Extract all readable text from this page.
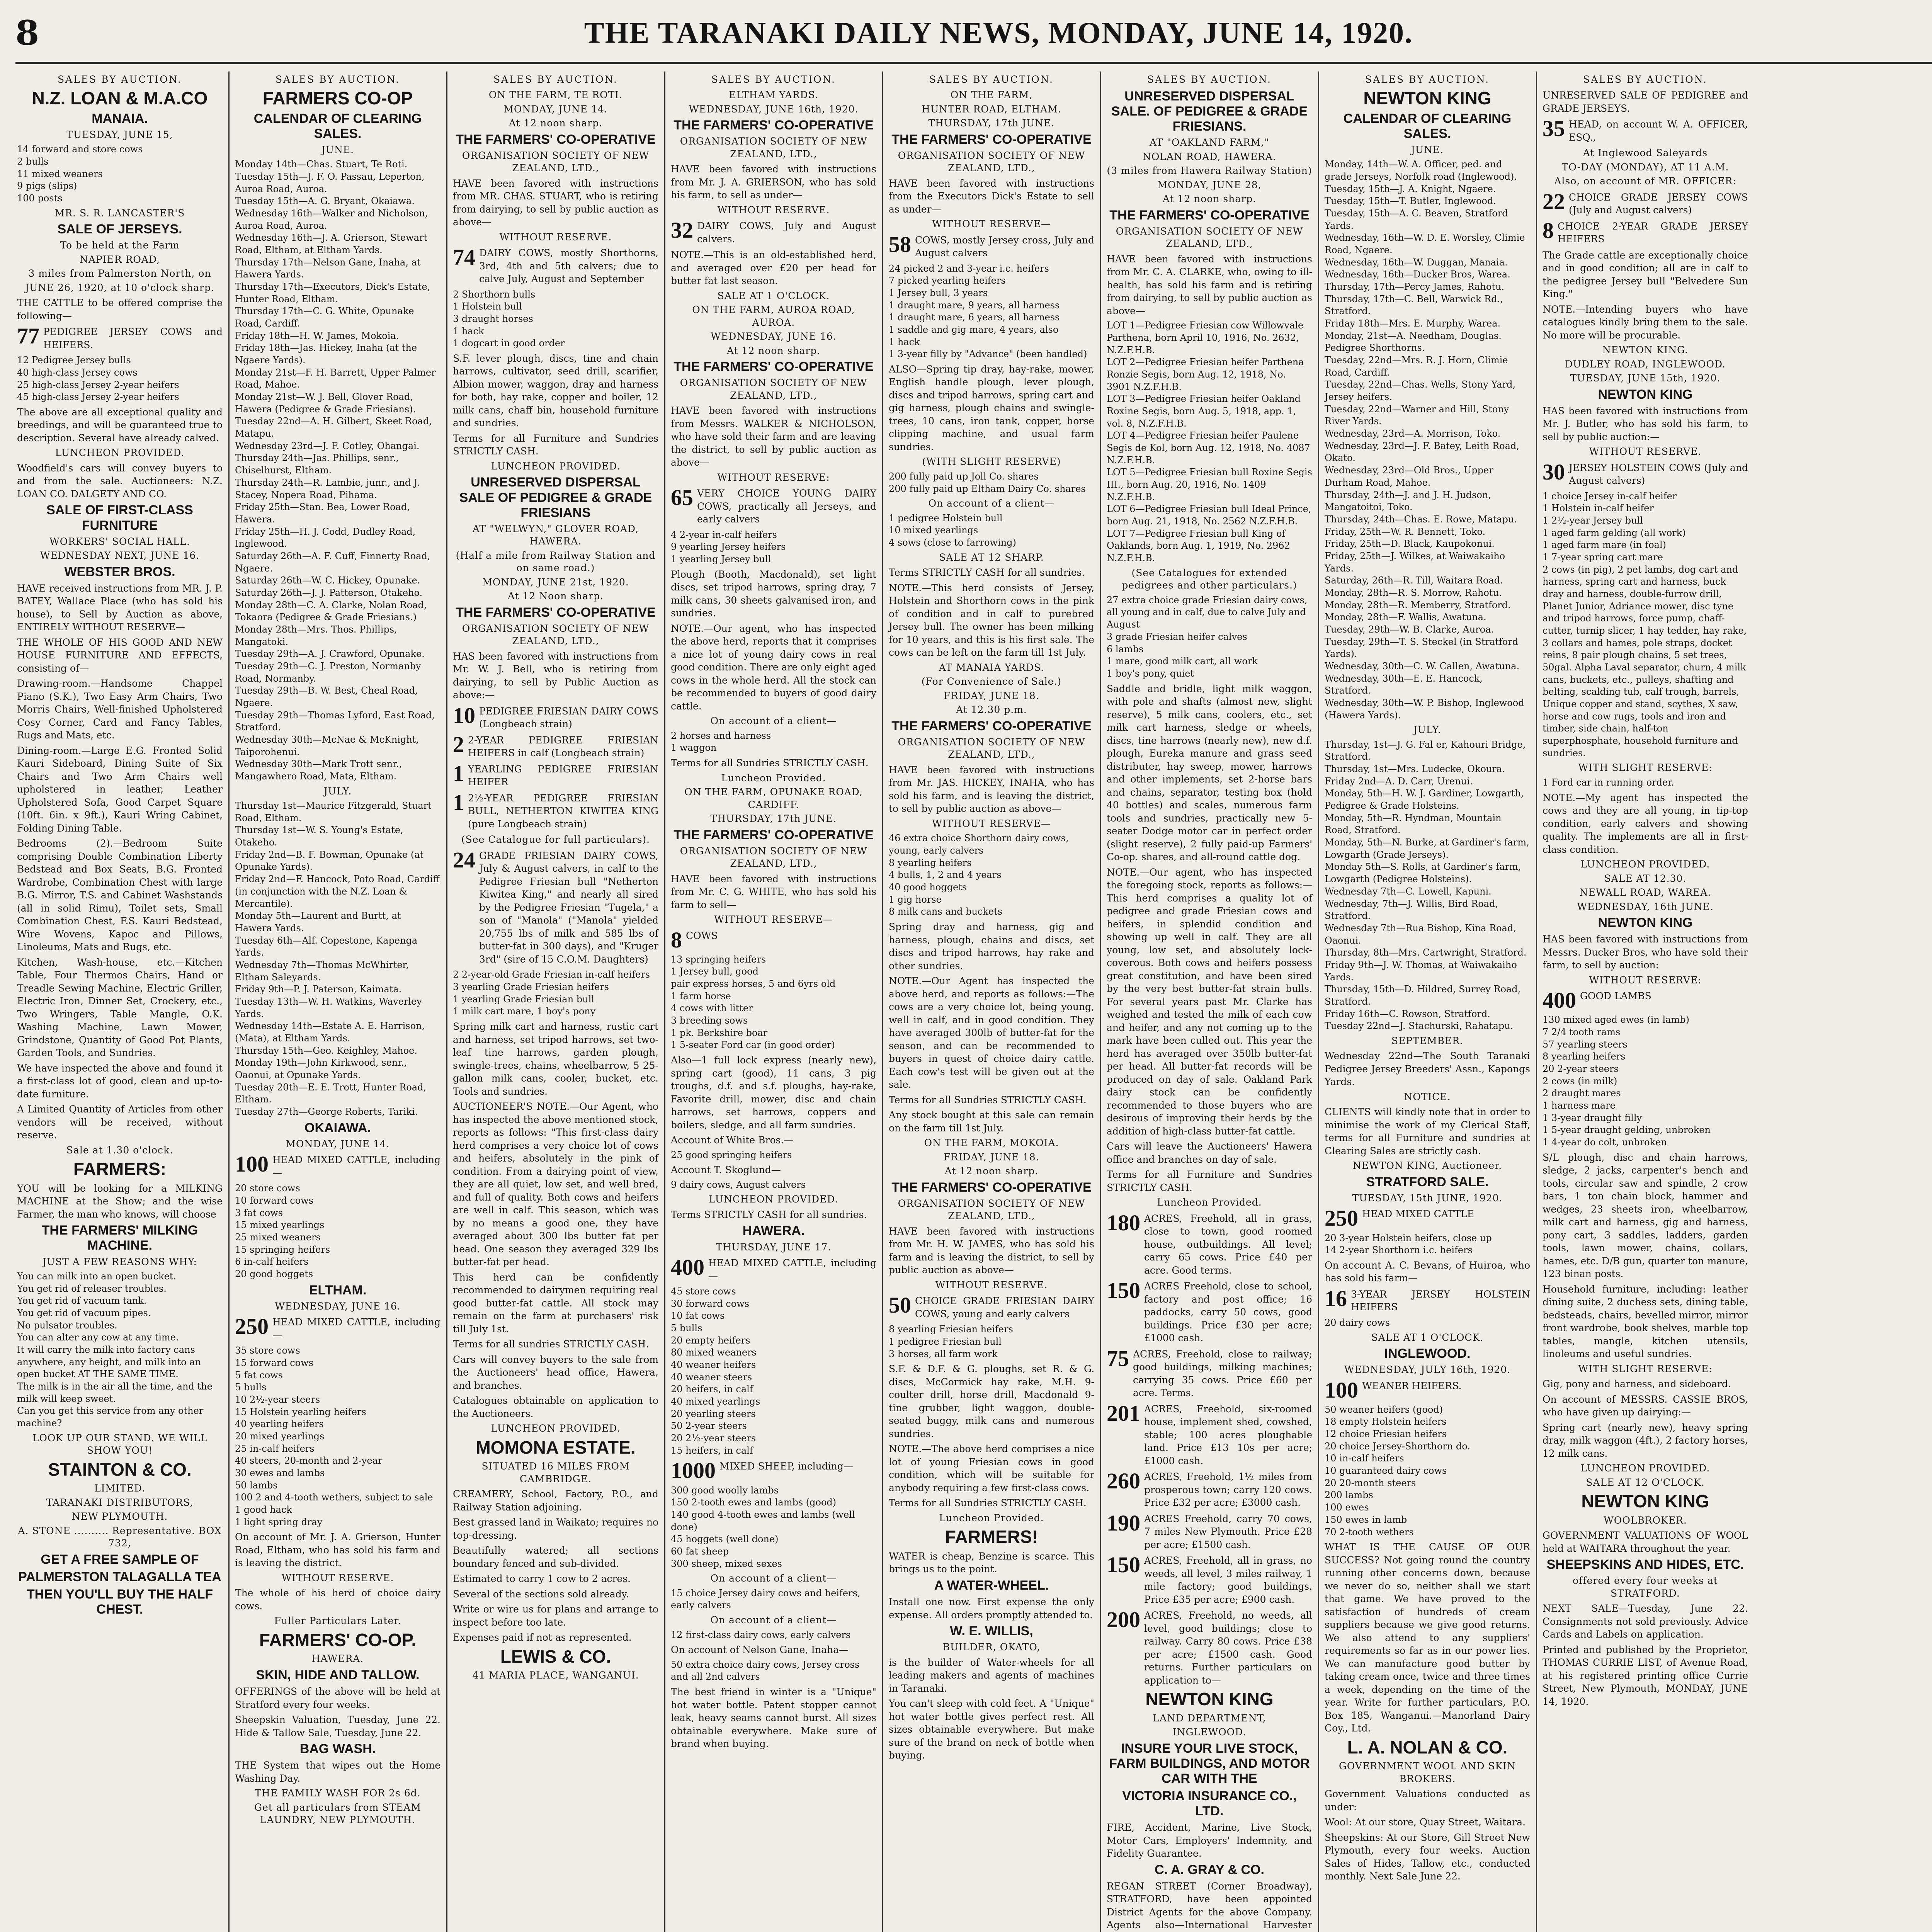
8	THE TARANAKI DAILY NEWS, MONDAY, JUNE 14, 1920.
SALES BY AUCTION.
N.Z. LOAN & M.A.CO
MANAIA.
TUESDAY, JUNE 15,
14 forward and store cows
2 bulls
11 mixed weaners
9 pigs (slips)
100 posts
MR. S. R. LANCASTER'S
SALE OF JERSEYS.
To be held at the Farm
NAPIER ROAD,
3 miles from Palmerston North, on
JUNE 26, 1920, at 10 o'clock sharp.
THE CATTLE to be offered comprise the following—
77 PEDIGREE JERSEY COWS and HEIFERS.
12 Pedigree Jersey bulls
40 high-class Jersey cows
25 high-class Jersey 2-year heifers
45 high-class Jersey 2-year heifers
The above are all exceptional quality and breedings, and will be guaranteed true to description. Several have already calved.
LUNCHEON PROVIDED.
Woodfield's cars will convey buyers to and from the sale. Auctioneers: N.Z. LOAN CO. DALGETY AND CO.
SALE OF FIRST-CLASS FURNITURE
WORKERS' SOCIAL HALL.
WEDNESDAY NEXT, JUNE 16.
WEBSTER BROS.
HAVE received instructions from MR. J. P. BATEY, Wallace Place (who has sold his house), to Sell by Auction as above, ENTIRELY WITHOUT RESERVE—
THE WHOLE OF HIS GOOD AND NEW HOUSE FURNITURE AND EFFECTS, consisting of—
Drawing-room.—Handsome Chappel Piano (S.K.), Two Easy Arm Chairs, Two Morris Chairs, Well-finished Upholstered Cosy Corner, Card and Fancy Tables, Rugs and Mats, etc.
Dining-room.—Large E.G. Fronted Solid Kauri Sideboard, Dining Suite of Six Chairs and Two Arm Chairs well upholstered in leather, Leather Upholstered Sofa, Good Carpet Square (10ft. 6in. x 9ft.), Kauri Wring Cabinet, Folding Dining Table.
Bedrooms (2).—Bedroom Suite comprising Double Combination Liberty Bedstead and Box Seats, B.G. Fronted Wardrobe, Combination Chest with large B.G. Mirror, T.S. and Cabinet Washstands (all in solid Rimu), Toilet sets, Small Combination Chest, F.S. Kauri Bedstead, Wire Wovens, Kapoc and Pillows, Linoleums, Mats and Rugs, etc.
Kitchen, Wash-house, etc.—Kitchen Table, Four Thermos Chairs, Hand or Treadle Sewing Machine, Electric Griller, Electric Iron, Dinner Set, Crockery, etc., Two Wringers, Table Mangle, O.K. Washing Machine, Lawn Mower, Grindstone, Quantity of Good Pot Plants, Garden Tools, and Sundries.
We have inspected the above and found it a first-class lot of good, clean and up-to-date furniture.
A Limited Quantity of Articles from other vendors will be received, without reserve.
Sale at 1.30 o'clock.
FARMERS:
YOU will be looking for a MILKING MACHINE at the Show; and the wise Farmer, the man who knows, will choose
THE FARMERS' MILKING MACHINE.
JUST A FEW REASONS WHY:
You can milk into an open bucket.
You get rid of releaser troubles.
You get rid of vacuum tank.
You get rid of vacuum pipes.
No pulsator troubles.
You can alter any cow at any time.
It will carry the milk into factory cans anywhere, any height, and milk into an open bucket AT THE SAME TIME.
The milk is in the air all the time, and the milk will keep sweet.
Can you get this service from any other machine?
LOOK UP OUR STAND. WE WILL SHOW YOU!
STAINTON & CO.
LIMITED.
TARANAKI DISTRIBUTORS,
NEW PLYMOUTH.
A. STONE .......... Representative. BOX 732,
GET A FREE SAMPLE OF
PALMERSTON TALAGALLA TEA
THEN YOU'LL BUY THE HALF CHEST.
SALES BY AUCTION.
FARMERS CO-OP
CALENDAR OF CLEARING SALES.
JUNE.
Monday 14th—Chas. Stuart, Te Roti.
Tuesday 15th—J. F. O. Passau, Leperton, Auroa Road, Auroa.
Tuesday 15th—A. G. Bryant, Okaiawa.
Wednesday 16th—Walker and Nicholson, Auroa Road, Auroa.
Wednesday 16th—J. A. Grierson, Stewart Road, Eltham, at Eltham Yards.
Thursday 17th—Nelson Gane, Inaha, at Hawera Yards.
Thursday 17th—Executors, Dick's Estate, Hunter Road, Eltham.
Thursday 17th—C. G. White, Opunake Road, Cardiff.
Friday 18th—H. W. James, Mokoia.
Friday 18th—Jas. Hickey, Inaha (at the Ngaere Yards).
Monday 21st—F. H. Barrett, Upper Palmer Road, Mahoe.
Monday 21st—W. J. Bell, Glover Road, Hawera (Pedigree & Grade Friesians).
Tuesday 22nd—A. H. Gilbert, Skeet Road, Matapu.
Wednesday 23rd—J. F. Cotley, Ohangai.
Thursday 24th—Jas. Phillips, senr., Chiselhurst, Eltham.
Thursday 24th—R. Lambie, junr., and J. Stacey, Nopera Road, Pihama.
Friday 25th—Stan. Bea, Lower Road, Hawera.
Friday 25th—H. J. Codd, Dudley Road, Inglewood.
Saturday 26th—A. F. Cuff, Finnerty Road, Ngaere.
Saturday 26th—W. C. Hickey, Opunake.
Saturday 26th—J. J. Patterson, Otakeho.
Monday 28th—C. A. Clarke, Nolan Road, Tokaora (Pedigree & Grade Friesians.)
Monday 28th—Mrs. Thos. Phillips, Mangatoki.
Tuesday 29th—A. J. Crawford, Opunake.
Tuesday 29th—C. J. Preston, Normanby Road, Normanby.
Tuesday 29th—B. W. Best, Cheal Road, Ngaere.
Tuesday 29th—Thomas Lyford, East Road, Stratford.
Wednesday 30th—McNae & McKnight, Taiporohenui.
Wednesday 30th—Mark Trott senr., Mangawhero Road, Mata, Eltham.
JULY.
Thursday 1st—Maurice Fitzgerald, Stuart Road, Eltham.
Thursday 1st—W. S. Young's Estate, Otakeho.
Friday 2nd—B. F. Bowman, Opunake (at Opunake Yards).
Friday 2nd—F. Hancock, Poto Road, Cardiff (in conjunction with the N.Z. Loan & Mercantile).
Monday 5th—Laurent and Burtt, at Hawera Yards.
Tuesday 6th—Alf. Copestone, Kapenga Yards.
Wednesday 7th—Thomas McWhirter, Eltham Saleyards.
Friday 9th—P. J. Paterson, Kaimata.
Tuesday 13th—W. H. Watkins, Waverley Yards.
Wednesday 14th—Estate A. E. Harrison, (Mata), at Eltham Yards.
Thursday 15th—Geo. Keighley, Mahoe.
Monday 19th—John Kirkwood, senr., Oaonui, at Opunake Yards.
Tuesday 20th—E. E. Trott, Hunter Road, Eltham.
Tuesday 27th—George Roberts, Tariki.
OKAIAWA.
MONDAY, JUNE 14.
100 HEAD MIXED CATTLE, including—
20 store cows
10 forward cows
3 fat cows
15 mixed yearlings
25 mixed weaners
15 springing heifers
6 in-calf heifers
20 good hoggets
ELTHAM.
WEDNESDAY, JUNE 16.
250 HEAD MIXED CATTLE, including—
35 store cows
15 forward cows
5 fat cows
5 bulls
10 2½-year steers
15 Holstein yearling heifers
40 yearling heifers
20 mixed yearlings
25 in-calf heifers
40 steers, 20-month and 2-year
30 ewes and lambs
50 lambs
100 2 and 4-tooth wethers, subject to sale
1 good hack
1 light spring dray
On account of Mr. J. A. Grierson, Hunter Road, Eltham, who has sold his farm and is leaving the district.
WITHOUT RESERVE.
The whole of his herd of choice dairy cows.
Fuller Particulars Later.
FARMERS' CO-OP.
HAWERA.
SKIN, HIDE AND TALLOW.
OFFERINGS of the above will be held at Stratford every four weeks.
Sheepskin Valuation, Tuesday, June 22. Hide & Tallow Sale, Tuesday, June 22.
BAG WASH.
THE System that wipes out the Home Washing Day.
THE FAMILY WASH FOR 2s 6d.
Get all particulars from STEAM LAUNDRY, NEW PLYMOUTH.
SALES BY AUCTION.
ON THE FARM, TE ROTI.
MONDAY, JUNE 14.
At 12 noon sharp.
THE FARMERS' CO-OPERATIVE
ORGANISATION SOCIETY OF NEW ZEALAND, LTD.,
HAVE been favored with instructions from MR. CHAS. STUART, who is retiring from dairying, to sell by public auction as above—
WITHOUT RESERVE.
74 DAIRY COWS, mostly Shorthorns, 3rd, 4th and 5th calvers; due to calve July, August and September
2 Shorthorn bulls
1 Holstein bull
3 draught horses
1 hack
1 dogcart in good order
S.F. lever plough, discs, tine and chain harrows, cultivator, seed drill, scarifier, Albion mower, waggon, dray and harness for both, hay rake, copper and boiler, 12 milk cans, chaff bin, household furniture and sundries.
Terms for all Furniture and Sundries STRICTLY CASH.
LUNCHEON PROVIDED.
UNRESERVED DISPERSAL SALE OF PEDIGREE & GRADE FRIESIANS
AT "WELWYN," GLOVER ROAD, HAWERA.
(Half a mile from Railway Station and on same road.)
MONDAY, JUNE 21st, 1920.
At 12 Noon sharp.
THE FARMERS' CO-OPERATIVE
ORGANISATION SOCIETY OF NEW ZEALAND, LTD.,
HAS been favored with instructions from Mr. W. J. Bell, who is retiring from dairying, to sell by Public Auction as above:—
10 PEDIGREE FRIESIAN DAIRY COWS (Longbeach strain)
2 2-YEAR PEDIGREE FRIESIAN HEIFERS in calf (Longbeach strain)
1 YEARLING PEDIGREE FRIESIAN HEIFER
1 2½-YEAR PEDIGREE FRIESIAN BULL, NETHERTON KIWITEA KING (pure Longbeach strain)
(See Catalogue for full particulars).
24 GRADE FRIESIAN DAIRY COWS, July & August calvers, in calf to the Pedigree Friesian bull "Netherton Kiwitea King," and nearly all sired by the Pedigree Friesian "Tugela," a son of "Manola" ("Manola" yielded 20,755 lbs of milk and 585 lbs of butter-fat in 300 days), and "Kruger 3rd" (sire of 15 C.O.M. Daughters)
2 2-year-old Grade Friesian in-calf heifers
3 yearling Grade Friesian heifers
1 yearling Grade Friesian bull
1 milk cart mare, 1 boy's pony
Spring milk cart and harness, rustic cart and harness, set tripod harrows, set two-leaf tine harrows, garden plough, swingle-trees, chains, wheelbarrow, 5 25-gallon milk cans, cooler, bucket, etc. Tools and sundries.
AUCTIONEER'S NOTE.—Our Agent, who has inspected the above mentioned stock, reports as follows: "This first-class dairy herd comprises a very choice lot of cows and heifers, absolutely in the pink of condition. From a dairying point of view, they are all quiet, low set, and well bred, and full of quality. Both cows and heifers are well in calf. This season, which was by no means a good one, they have averaged about 300 lbs butter fat per head. One season they averaged 329 lbs butter-fat per head.
This herd can be confidently recommended to dairymen requiring real good butter-fat cattle. All stock may remain on the farm at purchasers' risk till July 1st.
Terms for all sundries STRICTLY CASH.
Cars will convey buyers to the sale from the Auctioneers' head office, Hawera, and branches.
Catalogues obtainable on application to the Auctioneers.
LUNCHEON PROVIDED.
MOMONA ESTATE.
SITUATED 16 MILES FROM CAMBRIDGE.
CREAMERY, School, Factory, P.O., and Railway Station adjoining.
Best grassed land in Waikato; requires no top-dressing.
Beautifully watered; all sections boundary fenced and sub-divided.
Estimated to carry 1 cow to 2 acres.
Several of the sections sold already.
Write or wire us for plans and arrange to inspect before too late.
Expenses paid if not as represented.
LEWIS & CO.
41 MARIA PLACE, WANGANUI.
SALES BY AUCTION.
ELTHAM YARDS.
WEDNESDAY, JUNE 16th, 1920.
THE FARMERS' CO-OPERATIVE
ORGANISATION SOCIETY OF NEW ZEALAND, LTD.,
HAVE been favored with instructions from Mr. J. A. GRIERSON, who has sold his farm, to sell as under—
WITHOUT RESERVE.
32 DAIRY COWS, July and August calvers.
NOTE.—This is an old-established herd, and averaged over £20 per head for butter fat last season.
SALE AT 1 O'CLOCK.
ON THE FARM, AUROA ROAD, AUROA.
WEDNESDAY, JUNE 16.
At 12 noon sharp.
THE FARMERS' CO-OPERATIVE
ORGANISATION SOCIETY OF NEW ZEALAND, LTD.,
HAVE been favored with instructions from Messrs. WALKER & NICHOLSON, who have sold their farm and are leaving the district, to sell by public auction as above—
WITHOUT RESERVE:
65 VERY CHOICE YOUNG DAIRY COWS, practically all Jerseys, and early calvers
4 2-year in-calf heifers
9 yearling Jersey heifers
1 yearling Jersey bull
Plough (Booth, Macdonald), set light discs, set tripod harrows, spring dray, 7 milk cans, 30 sheets galvanised iron, and sundries.
NOTE.—Our agent, who has inspected the above herd, reports that it comprises a nice lot of young dairy cows in real good condition. There are only eight aged cows in the whole herd. All the stock can be recommended to buyers of good dairy cattle.
On account of a client—
2 horses and harness
1 waggon
Terms for all Sundries STRICTLY CASH.
Luncheon Provided.
ON THE FARM, OPUNAKE ROAD, CARDIFF.
THURSDAY, 17th JUNE.
THE FARMERS' CO-OPERATIVE
ORGANISATION SOCIETY OF NEW ZEALAND, LTD.,
HAVE been favored with instructions from Mr. C. G. WHITE, who has sold his farm to sell—
WITHOUT RESERVE—
8 COWS
13 springing heifers
1 Jersey bull, good
pair express horses, 5 and 6yrs old
1 farm horse
4 cows with litter
3 breeding sows
1 pk. Berkshire boar
1 5-seater Ford car (in good order)
Also—1 full lock express (nearly new), spring cart (good), 11 cans, 3 pig troughs, d.f. and s.f. ploughs, hay-rake, Favorite drill, mower, disc and chain harrows, set harrows, coppers and boilers, sledge, and all farm sundries.
Account of White Bros.—
25 good springing heifers
Account T. Skoglund—
9 dairy cows, August calvers
LUNCHEON PROVIDED.
Terms STRICTLY CASH for all sundries.
HAWERA.
THURSDAY, JUNE 17.
400 HEAD MIXED CATTLE, including—
45 store cows
30 forward cows
10 fat cows
5 bulls
20 empty heifers
80 mixed weaners
40 weaner heifers
40 weaner steers
20 heifers, in calf
40 mixed yearlings
20 yearling steers
50 2-year steers
20 2½-year steers
15 heifers, in calf
1000 MIXED SHEEP, including—
300 good woolly lambs
150 2-tooth ewes and lambs (good)
140 good 4-tooth ewes and lambs (well done)
45 hoggets (well done)
60 fat sheep
300 sheep, mixed sexes
On account of a client—
15 choice Jersey dairy cows and heifers, early calvers
On account of a client—
12 first-class dairy cows, early calvers
On account of Nelson Gane, Inaha—
50 extra choice dairy cows, Jersey cross and all 2nd calvers
The best friend in winter is a "Unique" hot water bottle. Patent stopper cannot leak, heavy seams cannot burst. All sizes obtainable everywhere. Make sure of brand when buying.
SALES BY AUCTION.
ON THE FARM,
HUNTER ROAD, ELTHAM.
THURSDAY, 17th JUNE.
THE FARMERS' CO-OPERATIVE
ORGANISATION SOCIETY OF NEW ZEALAND, LTD.,
HAVE been favored with instructions from the Executors Dick's Estate to sell as under—
WITHOUT RESERVE—
58 COWS, mostly Jersey cross, July and August calvers
24 picked 2 and 3-year i.c. heifers
7 picked yearling heifers
1 Jersey bull, 3 years
1 draught mare, 9 years, all harness
1 draught mare, 6 years, all harness
1 saddle and gig mare, 4 years, also
1 hack
1 3-year filly by "Advance" (been handled)
ALSO—Spring tip dray, hay-rake, mower, English handle plough, lever plough, discs and tripod harrows, spring cart and gig harness, plough chains and swingle-trees, 10 cans, iron tank, copper, horse clipping machine, and usual farm sundries.
(WITH SLIGHT RESERVE)
200 fully paid up Joll Co. shares
200 fully paid up Eltham Dairy Co. shares
On account of a client—
1 pedigree Holstein bull
10 mixed yearlings
4 sows (close to farrowing)
SALE AT 12 SHARP.
Terms STRICTLY CASH for all sundries.
NOTE.—This herd consists of Jersey, Holstein and Shorthorn cows in the pink of condition and in calf to purebred Jersey bull. The owner has been milking for 10 years, and this is his first sale. The cows can be left on the farm till 1st July.
AT MANAIA YARDS.
(For Convenience of Sale.)
FRIDAY, JUNE 18.
At 12.30 p.m.
THE FARMERS' CO-OPERATIVE
ORGANISATION SOCIETY OF NEW ZEALAND, LTD.,
HAVE been favored with instructions from Mr. JAS. HICKEY, INAHA, who has sold his farm, and is leaving the district, to sell by public auction as above—
WITHOUT RESERVE—
46 extra choice Shorthorn dairy cows, young, early calvers
8 yearling heifers
4 bulls, 1, 2 and 4 years
40 good hoggets
1 gig horse
8 milk cans and buckets
Spring dray and harness, gig and harness, plough, chains and discs, set discs and tripod harrows, hay rake and other sundries.
NOTE.—Our Agent has inspected the above herd, and reports as follows:—The cows are a very choice lot, being young, well in calf, and in good condition. They have averaged 300lb of butter-fat for the season, and can be recommended to buyers in quest of choice dairy cattle. Each cow's test will be given out at the sale.
Terms for all Sundries STRICTLY CASH.
Any stock bought at this sale can remain on the farm till 1st July.
ON THE FARM, MOKOIA.
FRIDAY, JUNE 18.
At 12 noon sharp.
THE FARMERS' CO-OPERATIVE
ORGANISATION SOCIETY OF NEW ZEALAND, LTD.,
HAVE been favored with instructions from Mr. H. W. JAMES, who has sold his farm and is leaving the district, to sell by public auction as above—
WITHOUT RESERVE.
50 CHOICE GRADE FRIESIAN DAIRY COWS, young and early calvers
8 yearling Friesian heifers
1 pedigree Friesian bull
3 horses, all farm work
S.F. & D.F. & G. ploughs, set R. & G. discs, McCormick hay rake, M.H. 9-coulter drill, horse drill, Macdonald 9-tine grubber, light waggon, double-seated buggy, milk cans and numerous sundries.
NOTE.—The above herd comprises a nice lot of young Friesian cows in good condition, which will be suitable for anybody requiring a few first-class cows.
Terms for all Sundries STRICTLY CASH.
Luncheon Provided.
FARMERS!
WATER is cheap, Benzine is scarce. This brings us to the point.
A WATER-WHEEL.
Install one now. First expense the only expense. All orders promptly attended to.
W. E. WILLIS,
BUILDER, OKATO,
is the builder of Water-wheels for all leading makers and agents of machines in Taranaki.
You can't sleep with cold feet. A "Unique" hot water bottle gives perfect rest. All sizes obtainable everywhere. But make sure of the brand on neck of bottle when buying.
SALES BY AUCTION.
UNRESERVED DISPERSAL SALE. OF PEDIGREE & GRADE FRIESIANS.
AT "OAKLAND FARM,"
NOLAN ROAD, HAWERA.
(3 miles from Hawera Railway Station)
MONDAY, JUNE 28,
At 12 noon sharp.
THE FARMERS' CO-OPERATIVE
ORGANISATION SOCIETY OF NEW ZEALAND, LTD.,
HAVE been favored with instructions from Mr. C. A. CLARKE, who, owing to ill-health, has sold his farm and is retiring from dairying, to sell by public auction as above—
LOT 1—Pedigree Friesian cow Willowvale Parthena, born April 10, 1916, No. 2632, N.Z.F.H.B.
LOT 2—Pedigree Friesian heifer Parthena Ronzie Segis, born Aug. 12, 1918, No. 3901 N.Z.F.H.B.
LOT 3—Pedigree Friesian heifer Oakland Roxine Segis, born Aug. 5, 1918, app. 1, vol. 8, N.Z.F.H.B.
LOT 4—Pedigree Friesian heifer Paulene Segis de Kol, born Aug. 12, 1918, No. 4087 N.Z.F.H.B.
LOT 5—Pedigree Friesian bull Roxine Segis III., born Aug. 20, 1916, No. 1409 N.Z.F.H.B.
LOT 6—Pedigree Friesian bull Ideal Prince, born Aug. 21, 1918, No. 2562 N.Z.F.H.B.
LOT 7—Pedigree Friesian bull King of Oaklands, born Aug. 1, 1919, No. 2962 N.Z.F.H.B.
(See Catalogues for extended pedigrees and other particulars.)
27 extra choice grade Friesian dairy cows, all young and in calf, due to calve July and August
3 grade Friesian heifer calves
6 lambs
1 mare, good milk cart, all work
1 boy's pony, quiet
Saddle and bridle, light milk waggon, with pole and shafts (almost new, slight reserve), 5 milk cans, coolers, etc., set milk cart harness, sledge or wheels, discs, tine harrows (nearly new), new d.f. plough, Eureka manure and grass seed distributer, hay sweep, mower, harrows and other implements, set 2-horse bars and chains, separator, testing box (hold 40 bottles) and scales, numerous farm tools and sundries, practically new 5-seater Dodge motor car in perfect order (slight reserve), 2 fully paid-up Farmers' Co-op. shares, and all-round cattle dog.
NOTE.—Our agent, who has inspected the foregoing stock, reports as follows:—This herd comprises a quality lot of pedigree and grade Friesian cows and heifers, in splendid condition and showing up well in calf. They are all young, low set, and absolutely lock-coverous. Both cows and heifers possess great constitution, and have been sired by the very best butter-fat strain bulls. For several years past Mr. Clarke has weighed and tested the milk of each cow and heifer, and any not coming up to the mark have been culled out. This year the herd has averaged over 350lb butter-fat per head. All butter-fat records will be produced on day of sale. Oakland Park dairy stock can be confidently recommended to those buyers who are desirous of improving their herds by the addition of high-class butter-fat cattle.
Cars will leave the Auctioneers' Hawera office and branches on day of sale.
Terms for all Furniture and Sundries STRICTLY CASH.
Luncheon Provided.
180 ACRES, Freehold, all in grass, close to town, good roomed house, outbuildings. All level; carry 65 cows. Price £40 per acre. Good terms.
150 ACRES Freehold, close to school, factory and post office; 16 paddocks, carry 50 cows, good buildings. Price £30 per acre; £1000 cash.
75 ACRES, Freehold, close to railway; good buildings, milking machines; carrying 35 cows. Price £60 per acre. Terms.
201 ACRES, Freehold, six-roomed house, implement shed, cowshed, stable; 100 acres ploughable land. Price £13 10s per acre; £1000 cash.
260 ACRES, Freehold, 1½ miles from prosperous town; carry 120 cows. Price £32 per acre; £3000 cash.
190 ACRES Freehold, carry 70 cows, 7 miles New Plymouth. Price £28 per acre; £1500 cash.
150 ACRES, Freehold, all in grass, no weeds, all level, 3 miles railway, 1 mile factory; good buildings. Price £35 per acre; £900 cash.
200 ACRES, Freehold, no weeds, all level, good buildings; close to railway. Carry 80 cows. Price £38 per acre; £1500 cash. Good returns. Further particulars on application to—
NEWTON KING
LAND DEPARTMENT,
INGLEWOOD.
INSURE YOUR LIVE STOCK, FARM BUILDINGS, AND MOTOR CAR WITH THE
VICTORIA INSURANCE CO., LTD.
FIRE, Accident, Marine, Live Stock, Motor Cars, Employers' Indemnity, and Fidelity Guarantee.
C. A. GRAY & CO.
REGAN STREET (Corner Broadway), STRATFORD, have been appointed District Agents for the above Company. Agents also—International Harvester
SALES BY AUCTION.
NEWTON KING
CALENDAR OF CLEARING SALES.
JUNE.
Monday, 14th—W. A. Officer, ped. and grade Jerseys, Norfolk road (Inglewood).
Tuesday, 15th—J. A. Knight, Ngaere.
Tuesday, 15th—T. Butler, Inglewood.
Tuesday, 15th—A. C. Beaven, Stratford Yards.
Wednesday, 16th—W. D. E. Worsley, Climie Road, Ngaere.
Wednesday, 16th—W. Duggan, Manaia.
Wednesday, 16th—Ducker Bros, Warea.
Thursday, 17th—Percy James, Rahotu.
Thursday, 17th—C. Bell, Warwick Rd., Stratford.
Friday 18th—Mrs. E. Murphy, Warea.
Monday, 21st—A. Needham, Douglas. Pedigree Shorthorns.
Tuesday, 22nd—Mrs. R. J. Horn, Climie Road, Cardiff.
Tuesday, 22nd—Chas. Wells, Stony Yard, Jersey heifers.
Tuesday, 22nd—Warner and Hill, Stony River Yards.
Wednesday, 23rd—A. Morrison, Toko.
Wednesday, 23rd—J. F. Batey, Leith Road, Okato.
Wednesday, 23rd—Old Bros., Upper Durham Road, Mahoe.
Thursday, 24th—J. and J. H. Judson, Mangatoitoi, Toko.
Thursday, 24th—Chas. E. Rowe, Matapu.
Friday, 25th—W. R. Bennett, Toko.
Friday, 25th—D. Black, Kaupokonui.
Friday, 25th—J. Wilkes, at Waiwakaiho Yards.
Saturday, 26th—R. Till, Waitara Road.
Monday, 28th—R. S. Morrow, Rahotu.
Monday, 28th—R. Memberry, Stratford.
Monday, 28th—F. Wallis, Awatuna.
Tuesday, 29th—W. B. Clarke, Auroa.
Tuesday, 29th—T. S. Steckel (in Stratford Yards).
Wednesday, 30th—C. W. Callen, Awatuna.
Wednesday, 30th—E. E. Hancock, Stratford.
Wednesday, 30th—W. P. Bishop, Inglewood (Hawera Yards).
JULY.
Thursday, 1st—J. G. Fal er, Kahouri Bridge, Stratford.
Thursday, 1st—Mrs. Ludecke, Okoura.
Friday 2nd—A. D. Carr, Urenui.
Monday, 5th—H. W. J. Gardiner, Lowgarth, Pedigree & Grade Holsteins.
Monday, 5th—R. Hyndman, Mountain Road, Stratford.
Monday, 5th—N. Burke, at Gardiner's farm, Lowgarth (Grade Jerseys).
Monday 5th—S. Rolls, at Gardiner's farm, Lowgarth (Pedigree Holsteins).
Wednesday 7th—C. Lowell, Kapuni.
Wednesday, 7th—J. Willis, Bird Road, Stratford.
Wednesday 7th—Rua Bishop, Kina Road, Oaonui.
Thursday, 8th—Mrs. Cartwright, Stratford.
Friday 9th—J. W. Thomas, at Waiwakaiho Yards.
Thursday, 15th—D. Hildred, Surrey Road, Stratford.
Friday 16th—C. Rowson, Stratford.
Tuesday 22nd—J. Stachurski, Rahatapu.
SEPTEMBER.
Wednesday 22nd—The South Taranaki Pedigree Jersey Breeders' Assn., Kapongs Yards.
NOTICE.
CLIENTS will kindly note that in order to minimise the work of my Clerical Staff, terms for all Furniture and sundries at Clearing Sales are strictly cash.
NEWTON KING, Auctioneer.
STRATFORD SALE.
TUESDAY, 15th JUNE, 1920.
250 HEAD MIXED CATTLE
20 3-year Holstein heifers, close up
14 2-year Shorthorn i.c. heifers
On account A. C. Bevans, of Huiroa, who has sold his farm—
16 3-YEAR JERSEY HOLSTEIN HEIFERS
20 dairy cows
SALE AT 1 O'CLOCK.
INGLEWOOD.
WEDNESDAY, JULY 16th, 1920.
100 WEANER HEIFERS.
50 weaner heifers (good)
18 empty Holstein heifers
12 choice Friesian heifers
20 choice Jersey-Shorthorn do.
10 in-calf heifers
10 guaranteed dairy cows
20 20-month steers
200 lambs
100 ewes
150 ewes in lamb
70 2-tooth wethers
WHAT IS THE CAUSE OF OUR SUCCESS? Not going round the country running other concerns down, because we never do so, neither shall we start that game. We have proved to the satisfaction of hundreds of cream suppliers because we give good returns. We also attend to any suppliers' requirements so far as in our power lies. We can manufacture good butter by taking cream once, twice and three times a week, depending on the time of the year. Write for further particulars, P.O. Box 185, Wanganui.—Manorland Dairy Coy., Ltd.
L. A. NOLAN & CO.
GOVERNMENT WOOL AND SKIN BROKERS.
Government Valuations conducted as under:
Wool: At our store, Quay Street, Waitara.
Sheepskins: At our Store, Gill Street New Plymouth, every four weeks. Auction Sales of Hides, Tallow, etc., conducted monthly. Next Sale June 22.
SALES BY AUCTION.
UNRESERVED SALE OF PEDIGREE and GRADE JERSEYS.
35 HEAD, on account W. A. OFFICER, ESQ.,
At Inglewood Saleyards
TO-DAY (MONDAY), AT 11 A.M.
Also, on account of MR. OFFICER:
22 CHOICE GRADE JERSEY COWS (July and August calvers)
8 CHOICE 2-YEAR GRADE JERSEY HEIFERS
The Grade cattle are exceptionally choice and in good condition; all are in calf to the pedigree Jersey bull "Belvedere Sun King."
NOTE.—Intending buyers who have catalogues kindly bring them to the sale. No more will be procurable.
NEWTON KING.
DUDLEY ROAD, INGLEWOOD.
TUESDAY, JUNE 15th, 1920.
NEWTON KING
HAS been favored with instructions from Mr. J. Butler, who has sold his farm, to sell by public auction:—
WITHOUT RESERVE.
30 JERSEY HOLSTEIN COWS (July and August calvers)
1 choice Jersey in-calf heifer
1 Holstein in-calf heifer
1 2½-year Jersey bull
1 aged farm gelding (all work)
1 aged farm mare (in foal)
1 7-year spring cart mare
2 cows (in pig), 2 pet lambs, dog cart and harness, spring cart and harness, buck dray and harness, double-furrow drill, Planet Junior, Adriance mower, disc tyne and tripod harrows, force pump, chaff-cutter, turnip slicer, 1 hay tedder, hay rake, 3 collars and hames, pole straps, docket reins, 8 pair plough chains, 5 set trees, 50gal. Alpha Laval separator, churn, 4 milk cans, buckets, etc., pulleys, shafting and belting, scalding tub, calf trough, barrels, Unique copper and stand, scythes, X saw, horse and cow rugs, tools and iron and timber, side chain, half-ton superphosphate, household furniture and sundries.
WITH SLIGHT RESERVE:
1 Ford car in running order.
NOTE.—My agent has inspected the cows and they are all young, in tip-top condition, early calvers and showing quality. The implements are all in first-class condition.
LUNCHEON PROVIDED.
SALE AT 12.30.
NEWALL ROAD, WAREA.
WEDNESDAY, 16th JUNE.
NEWTON KING
HAS been favored with instructions from Messrs. Ducker Bros, who have sold their farm, to sell by auction:
WITHOUT RESERVE:
400 GOOD LAMBS
130 mixed aged ewes (in lamb)
7 2/4 tooth rams
57 yearling steers
8 yearling heifers
20 2-year steers
2 cows (in milk)
2 draught mares
1 harness mare
1 3-year draught filly
1 5-year draught gelding, unbroken
1 4-year do colt, unbroken
S/L plough, disc and chain harrows, sledge, 2 jacks, carpenter's bench and tools, circular saw and spindle, 2 crow bars, 1 ton chain block, hammer and wedges, 23 sheets iron, wheelbarrow, milk cart and harness, gig and harness, pony cart, 3 saddles, ladders, garden tools, lawn mower, chains, collars, hames, etc. D/B gun, quarter ton manure, 123 binan posts.
Household furniture, including: leather dining suite, 2 duchess sets, dining table, bedsteads, chairs, bevelled mirror, mirror front wardrobe, book shelves, marble top tables, mangle, kitchen utensils, linoleums and useful sundries.
WITH SLIGHT RESERVE:
Gig, pony and harness, and sideboard.
On account of MESSRS. CASSIE BROS, who have given up dairying:—
Spring cart (nearly new), heavy spring dray, milk waggon (4ft.), 2 factory horses, 12 milk cans.
LUNCHEON PROVIDED.
SALE AT 12 O'CLOCK.
NEWTON KING
WOOLBROKER.
GOVERNMENT VALUATIONS OF WOOL held at WAITARA throughout the year.
SHEEPSKINS AND HIDES, ETC.
offered every four weeks at STRATFORD.
NEXT SALE—Tuesday, June 22. Consignments not sold previously. Advice Cards and Labels on application.
Printed and published by the Proprietor, THOMAS CURRIE LIST, of Avenue Road, at his registered printing office Currie Street, New Plymouth, MONDAY, JUNE 14, 1920.
